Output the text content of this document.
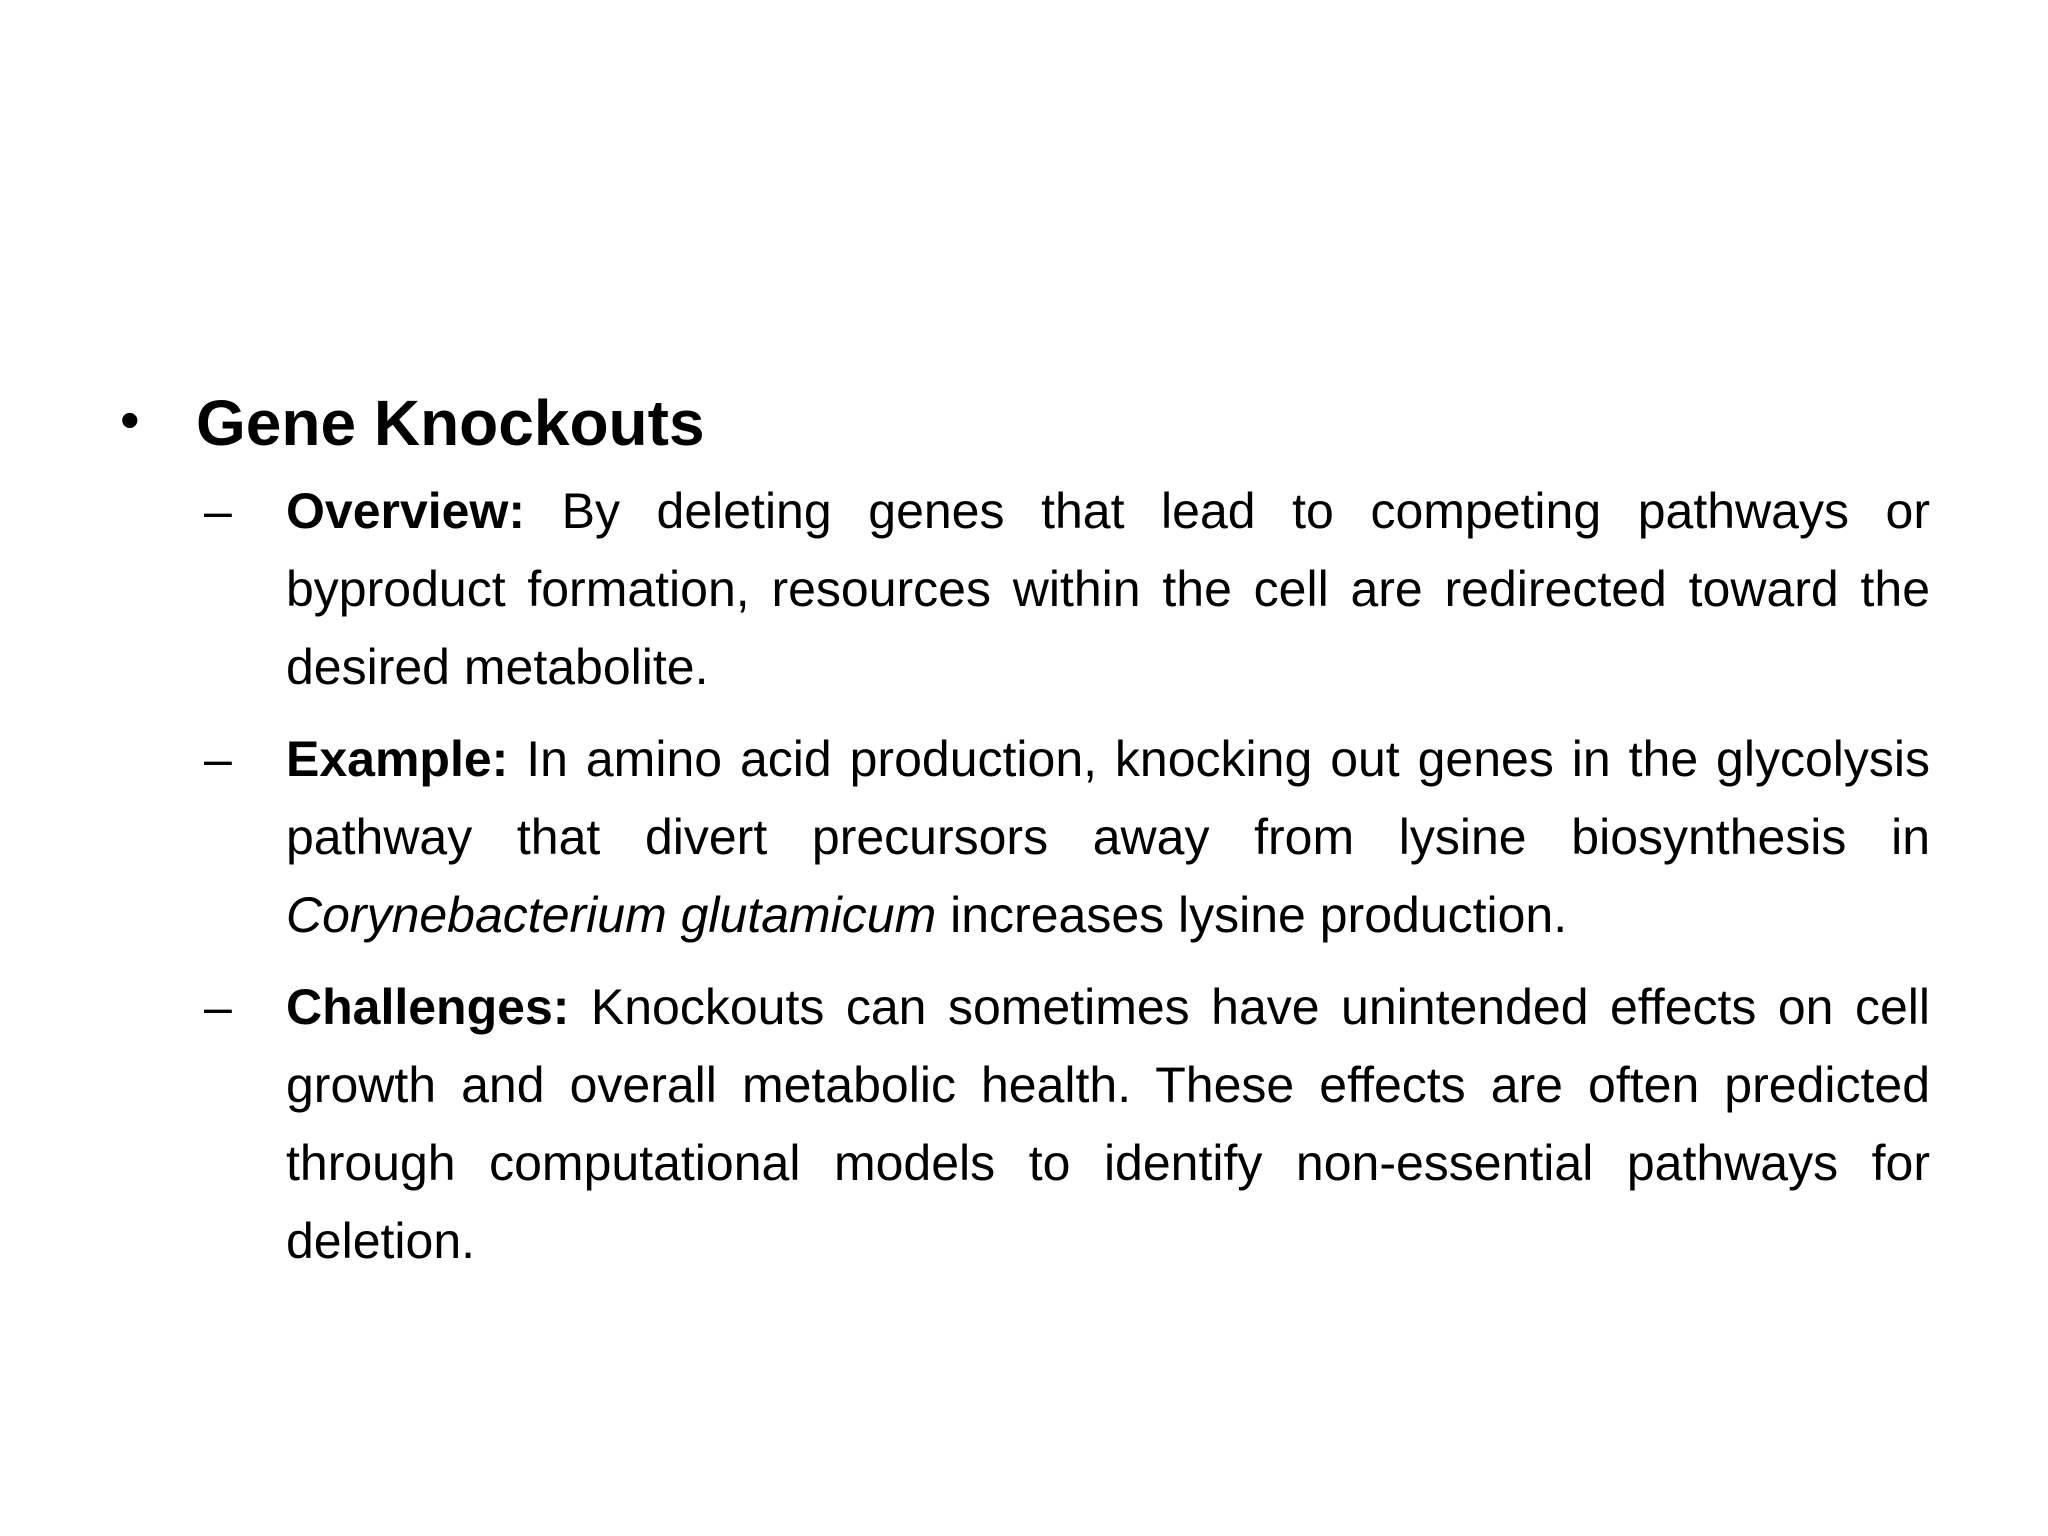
• Gene Knockouts
–	Overview: By deleting genes that lead to competing pathways or byproduct formation, resources within the cell are redirected toward the desired metabolite.
–	Example: In amino acid production, knocking out genes in the glycolysis pathway that divert precursors away from lysine biosynthesis in Corynebacterium glutamicum increases lysine production.
–	Challenges: Knockouts can sometimes have unintended effects on cell growth and overall metabolic health. These effects are often predicted through computational models to identify non-essential pathways for deletion.
